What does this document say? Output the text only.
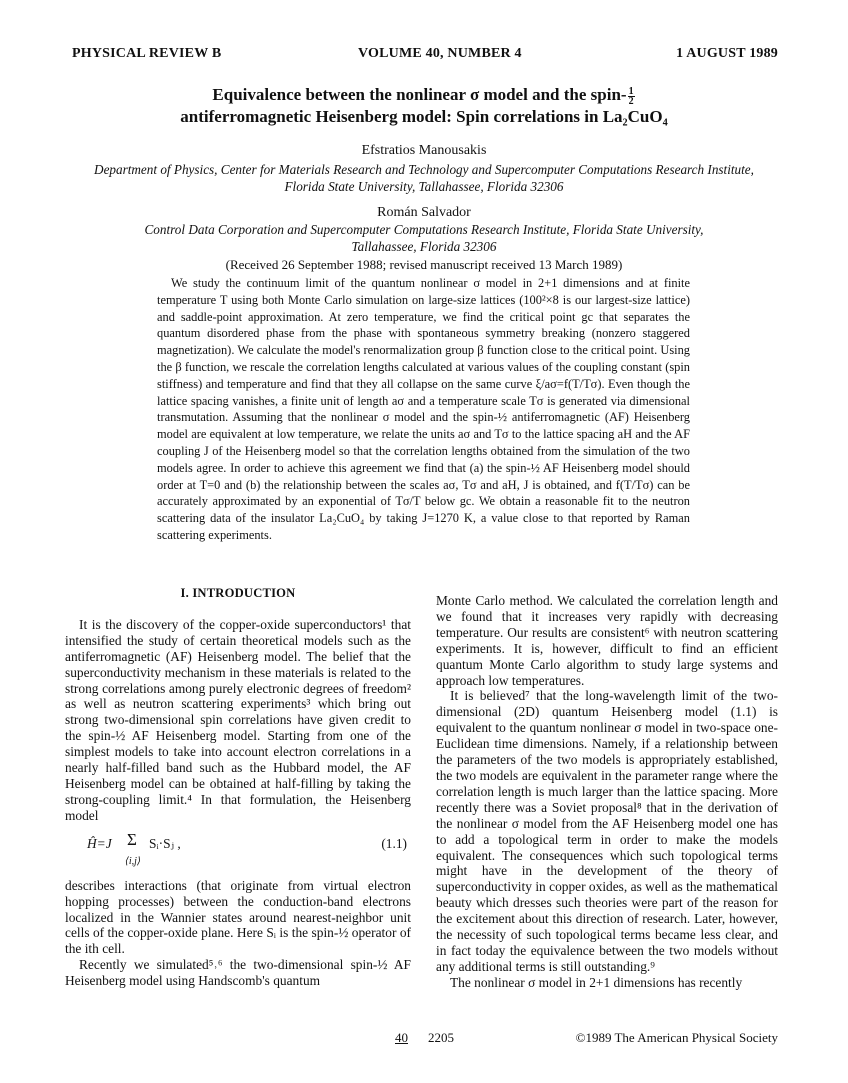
PHYSICAL REVIEW B	VOLUME 40, NUMBER 4	1 AUGUST 1989
Equivalence between the nonlinear σ model and the spin- $\frac{1}{2}$
antiferromagnetic Heisenberg model: Spin correlations in La₂CuO₄
Efstratios Manousakis
Department of Physics, Center for Materials Research and Technology and Supercomputer Computations Research Institute,
Florida State University, Tallahassee, Florida 32306
Román Salvador
Control Data Corporation and Supercomputer Computations Research Institute, Florida State University,
Tallahassee, Florida 32306
(Received 26 September 1988; revised manuscript received 13 March 1989)

We study the continuum limit of the quantum nonlinear σ model in 2+1 dimensions and at finite temperature T using both Monte Carlo simulation on large-size lattices (100²×8 is our largest-size lattice) and saddle-point approximation. At zero temperature, we find the critical point gc that separates the quantum disordered phase from the phase with spontaneous symmetry breaking (nonzero staggered magnetization). We calculate the model's renormalization group β function close to the critical point. Using the β function, we rescale the correlation lengths calculated at various values of the coupling constant (spin stiffness) and temperature and find that they all collapse on the same curve ξ/aσ=f(T/Tσ). Even though the lattice spacing vanishes, a finite unit of length aσ and a temperature scale Tσ is generated via dimensional transmutation. Assuming that the nonlinear σ model and the spin-½ antiferromagnetic (AF) Heisenberg model are equivalent at low temperature, we relate the units aσ and Tσ to the lattice spacing aH and the AF coupling J of the Heisenberg model so that the correlation lengths obtained from the simulation of the two models agree. In order to achieve this agreement we find that (a) the spin-½ AF Heisenberg model should order at T=0 and (b) the relationship between the scales aσ, Tσ and aH, J is obtained, and f(T/Tσ) can be accurately approximated by an exponential of Tσ/T below gc. We obtain a reasonable fit to the neutron scattering data of the insulator La₂CuO₄ by taking J=1270 K, a value close to that reported by Raman scattering experiments.

I. INTRODUCTION

It is the discovery of the copper-oxide superconductors¹ that intensified the study of certain theoretical models such as the antiferromagnetic (AF) Heisenberg model. The belief that the superconductivity mechanism in these materials is related to the strong correlations among purely electronic degrees of freedom² as well as neutron scattering experiments³ which bring out strong two-dimensional spin correlations have given credit to the spin-½ AF Heisenberg model. Starting from one of the simplest models to take into account electron correlations in a nearly half-filled band such as the Hubbard model, the AF Heisenberg model can be obtained at half-filling by taking the strong-coupling limit.⁴ In that formulation, the Heisenberg model

Ĥ=J Σ
⟨i,j⟩
Sᵢ·Sⱼ ,	(1.1)

describes interactions (that originate from virtual electron hopping processes) between the conduction-band electrons localized in the Wannier states around nearest-neighbor unit cells of the copper-oxide plane. Here Sᵢ is the spin-½ operator of the ith cell.

Recently we simulated⁵˒⁶ the two-dimensional spin-½ AF Heisenberg model using Handscomb's quantum

Monte Carlo method. We calculated the correlation length and we found that it increases very rapidly with decreasing temperature. Our results are consistent⁶ with neutron scattering experiments. It is, however, difficult to find an efficient quantum Monte Carlo algorithm to study large systems and approach low temperatures.

It is believed⁷ that the long-wavelength limit of the two-dimensional (2D) quantum Heisenberg model (1.1) is equivalent to the quantum nonlinear σ model in two-space one-Euclidean time dimensions. Namely, if a relationship between the parameters of the two models is appropriately established, the two models are equivalent in the parameter range where the correlation length is much larger than the lattice spacing. More recently there was a Soviet proposal⁸ that in the derivation of the nonlinear σ model from the AF Heisenberg model one has to add a topological term in order to make the models equivalent. The consequences which such topological terms might have in the development of the theory of superconductivity in copper oxides, as well as the mathematical beauty which dresses such theories were part of the reason for the excitement about this direction of research. Later, however, the necessity of such topological terms became less clear, and in fact today the equivalence between the two models without any additional terms is still outstanding.⁹

The nonlinear σ model in 2+1 dimensions has recently

40 2205	©1989 The American Physical Society
